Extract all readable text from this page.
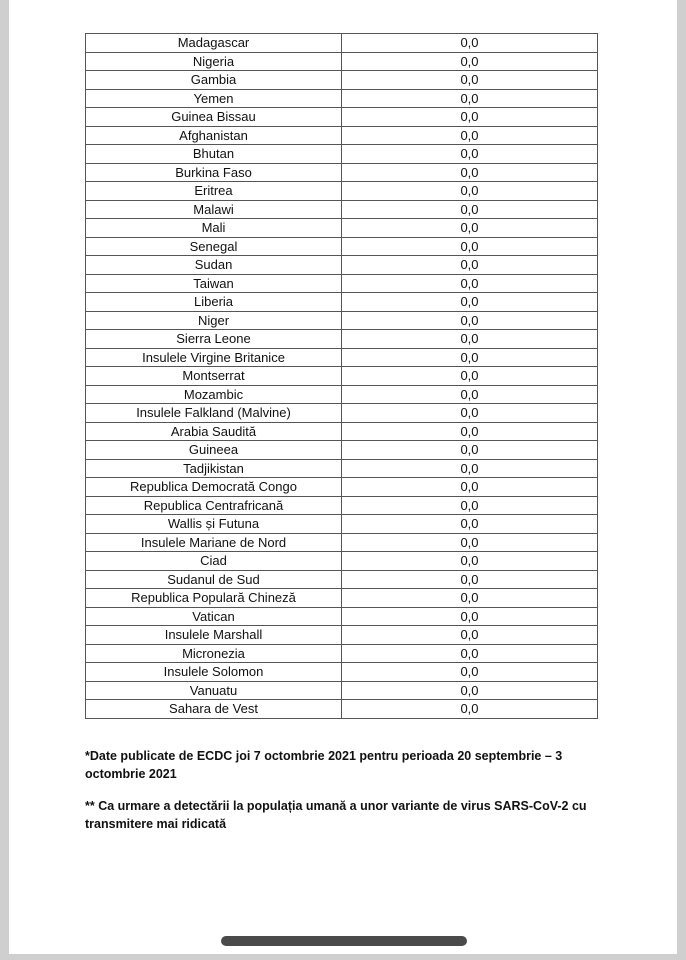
Madagascar	0,0
Nigeria	0,0
Gambia	0,0
Yemen	0,0
Guinea Bissau	0,0
Afghanistan	0,0
Bhutan	0,0
Burkina Faso	0,0
Eritrea	0,0
Malawi	0,0
Mali	0,0
Senegal	0,0
Sudan	0,0
Taiwan	0,0
Liberia	0,0
Niger	0,0
Sierra Leone	0,0
Insulele Virgine Britanice	0,0
Montserrat	0,0
Mozambic	0,0
Insulele Falkland (Malvine)	0,0
Arabia Saudită	0,0
Guineea	0,0
Tadjikistan	0,0
Republica Democrată Congo	0,0
Republica Centrafricană	0,0
Wallis și Futuna	0,0
Insulele Mariane de Nord	0,0
Ciad	0,0
Sudanul de Sud	0,0
Republica Populară Chineză	0,0
Vatican	0,0
Insulele Marshall	0,0
Micronezia	0,0
Insulele Solomon	0,0
Vanuatu	0,0
Sahara de Vest	0,0
*Date publicate de ECDC joi 7 octombrie 2021 pentru perioada 20 septembrie – 3 octombrie 2021
** Ca urmare a detectării la populația umană a unor variante de virus SARS-CoV-2 cu transmitere mai ridicată
